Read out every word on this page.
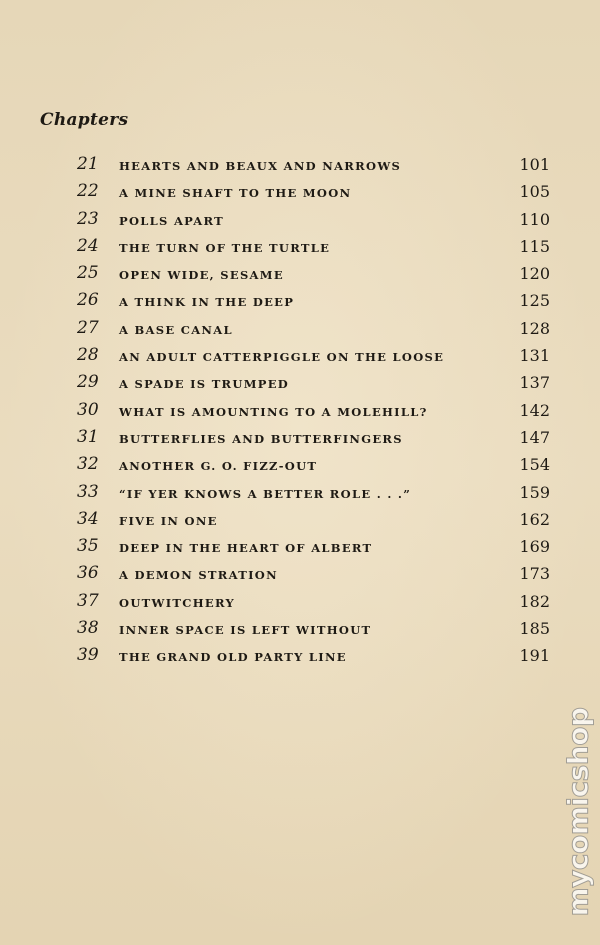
Chapters
21 HEARTS AND BEAUX AND NARROWS	101
22 A MINE SHAFT TO THE MOON	105
23 POLLS APART	110
24 THE TURN OF THE TURTLE	115
25 OPEN WIDE, SESAME	120
26 A THINK IN THE DEEP	125
27 A BASE CANAL	128
28 AN ADULT CATTERPIGGLE ON THE LOOSE	131
29 A SPADE IS TRUMPED	137
30 WHAT IS AMOUNTING TO A MOLEHILL?	142
31 BUTTERFLIES AND BUTTERFINGERS	147
32 ANOTHER G. O. FIZZ-OUT	154
33 “IF YER KNOWS A BETTER ROLE . . .”	159
34 FIVE IN ONE	162
35 DEEP IN THE HEART OF ALBERT	169
36 A DEMON STRATION	173
37 OUTWITCHERY	182
38 INNER SPACE IS LEFT WITHOUT	185
39 THE GRAND OLD PARTY LINE	191
mycomicshop
